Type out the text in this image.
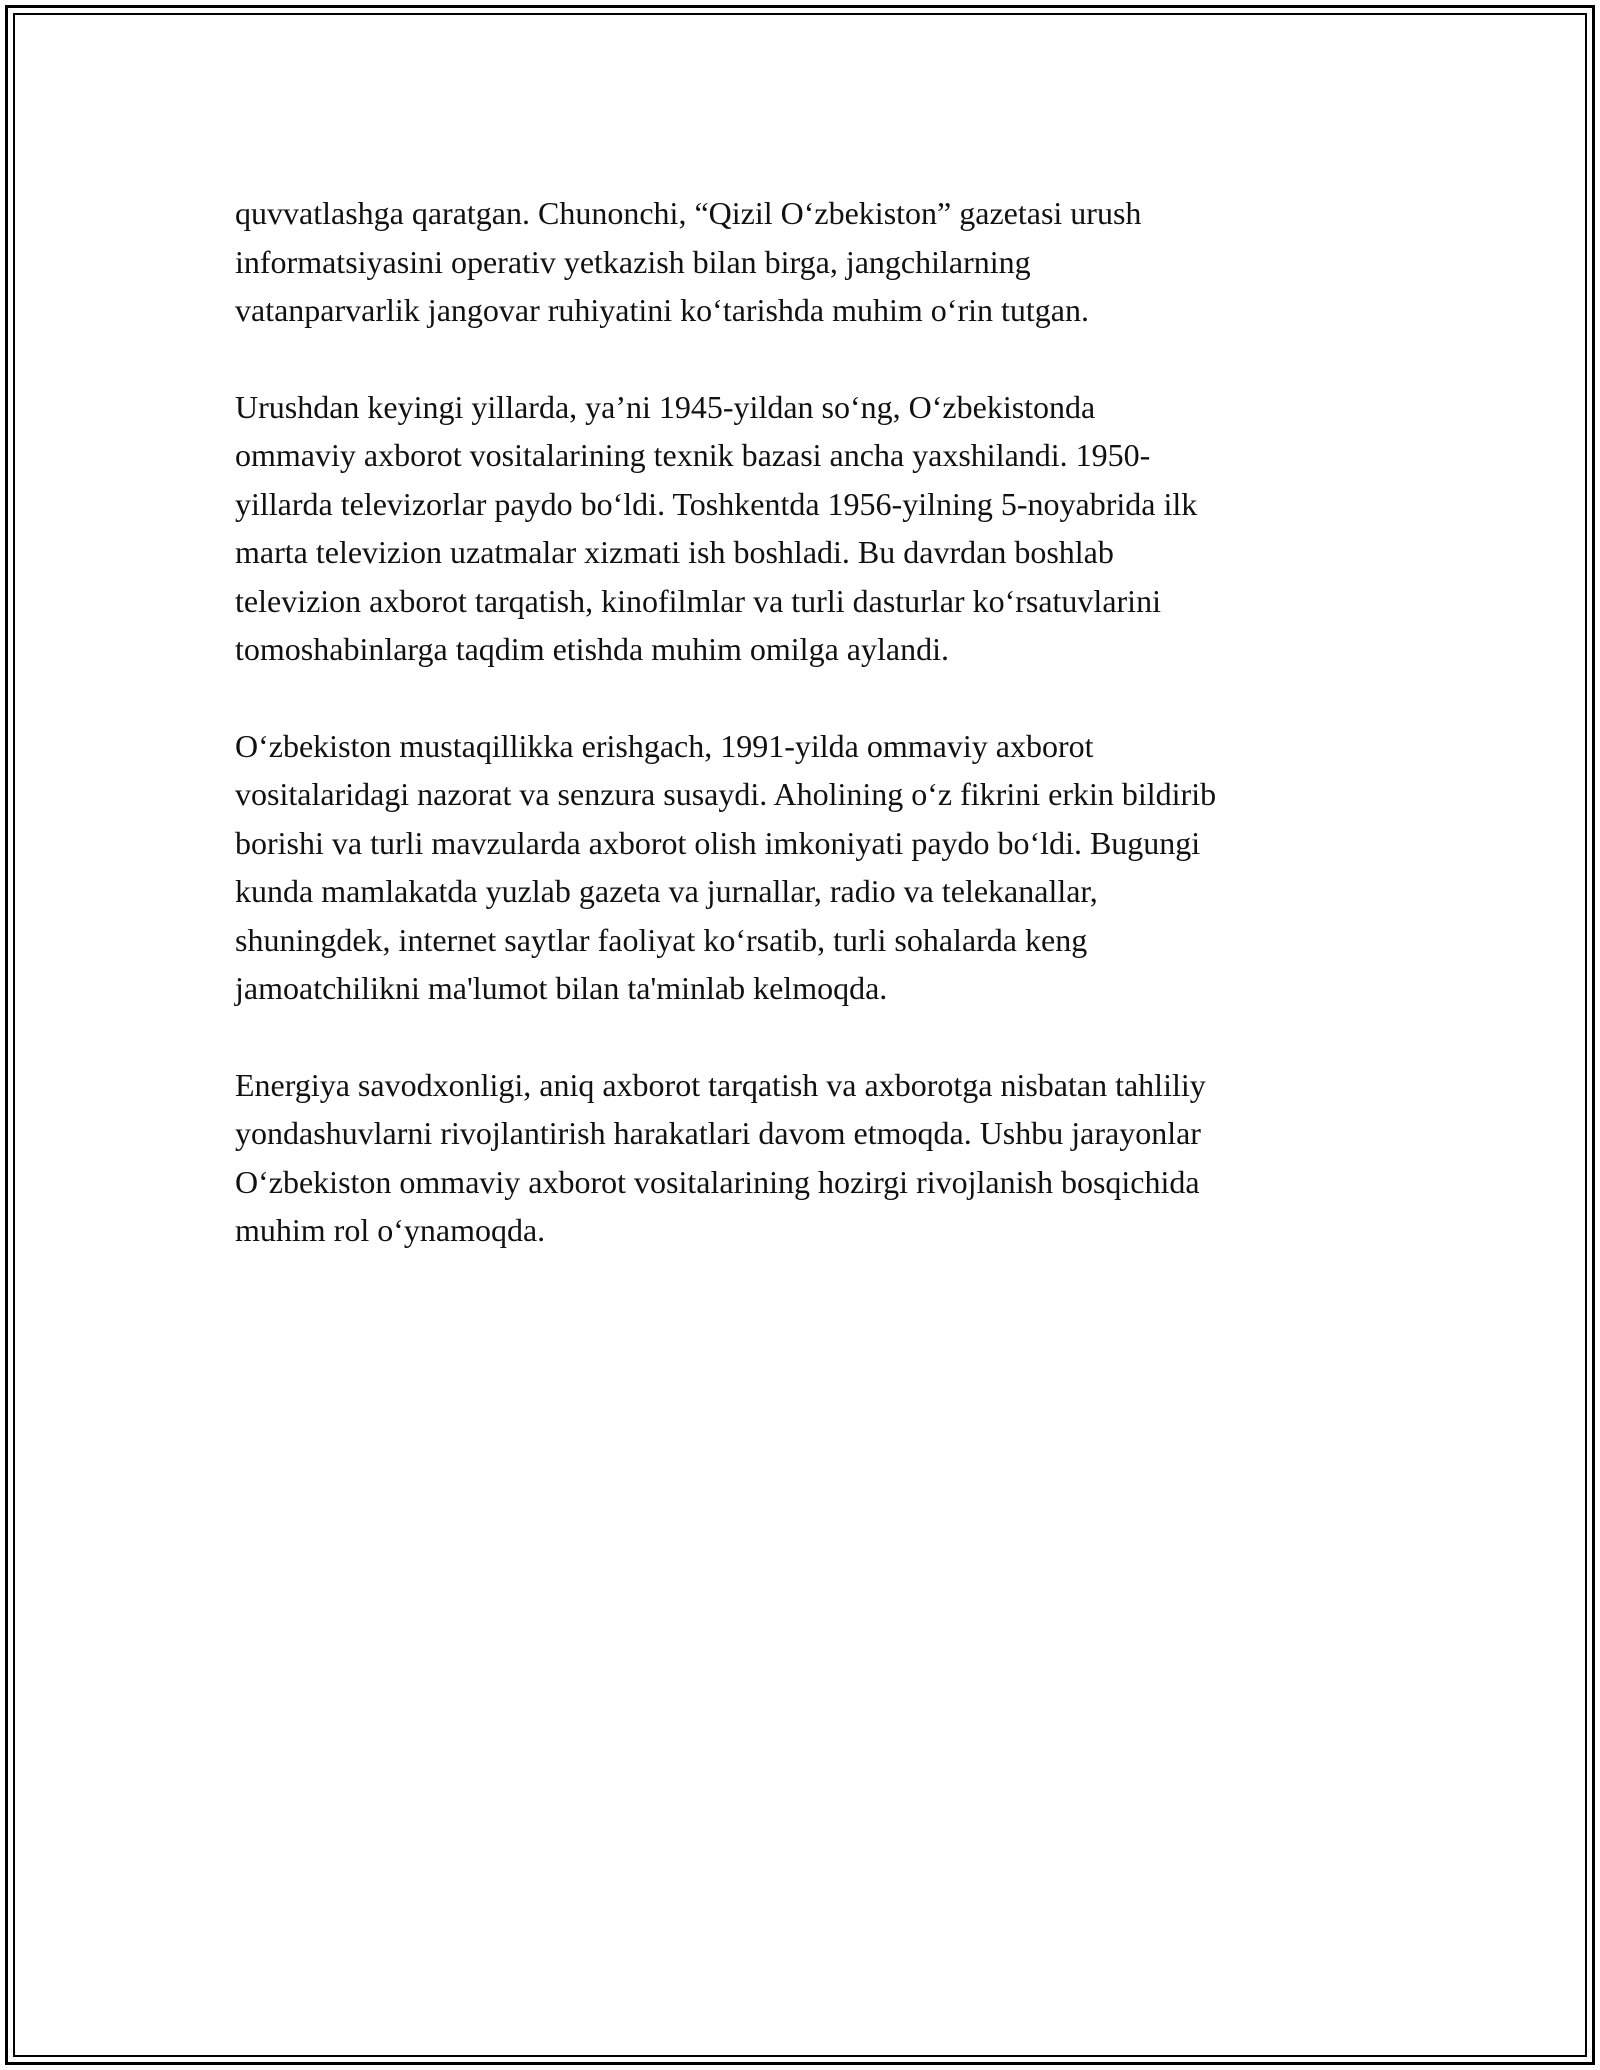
quvvatlashga qaratgan. Chunonchi, “Qizil O‘zbekiston” gazetasi urush
informatsiyasini operativ yetkazish bilan birga, jangchilarning
vatanparvarlik jangovar ruhiyatini ko‘tarishda muhim o‘rin tutgan.

Urushdan keyingi yillarda, ya’ni 1945-yildan so‘ng, O‘zbekistonda
ommaviy axborot vositalarining texnik bazasi ancha yaxshilandi. 1950-
yillarda televizorlar paydo bo‘ldi. Toshkentda 1956-yilning 5-noyabrida ilk
marta televizion uzatmalar xizmati ish boshladi. Bu davrdan boshlab
televizion axborot tarqatish, kinofilmlar va turli dasturlar ko‘rsatuvlarini
tomoshabinlarga taqdim etishda muhim omilga aylandi.

O‘zbekiston mustaqillikka erishgach, 1991-yilda ommaviy axborot
vositalaridagi nazorat va senzura susaydi. Aholining o‘z fikrini erkin bildirib
borishi va turli mavzularda axborot olish imkoniyati paydo bo‘ldi. Bugungi
kunda mamlakatda yuzlab gazeta va jurnallar, radio va telekanallar,
shuningdek, internet saytlar faoliyat ko‘rsatib, turli sohalarda keng
jamoatchilikni ma'lumot bilan ta'minlab kelmoqda.

Energiya savodxonligi, aniq axborot tarqatish va axborotga nisbatan tahliliy
yondashuvlarni rivojlantirish harakatlari davom etmoqda. Ushbu jarayonlar
O‘zbekiston ommaviy axborot vositalarining hozirgi rivojlanish bosqichida
muhim rol o‘ynamoqda.
